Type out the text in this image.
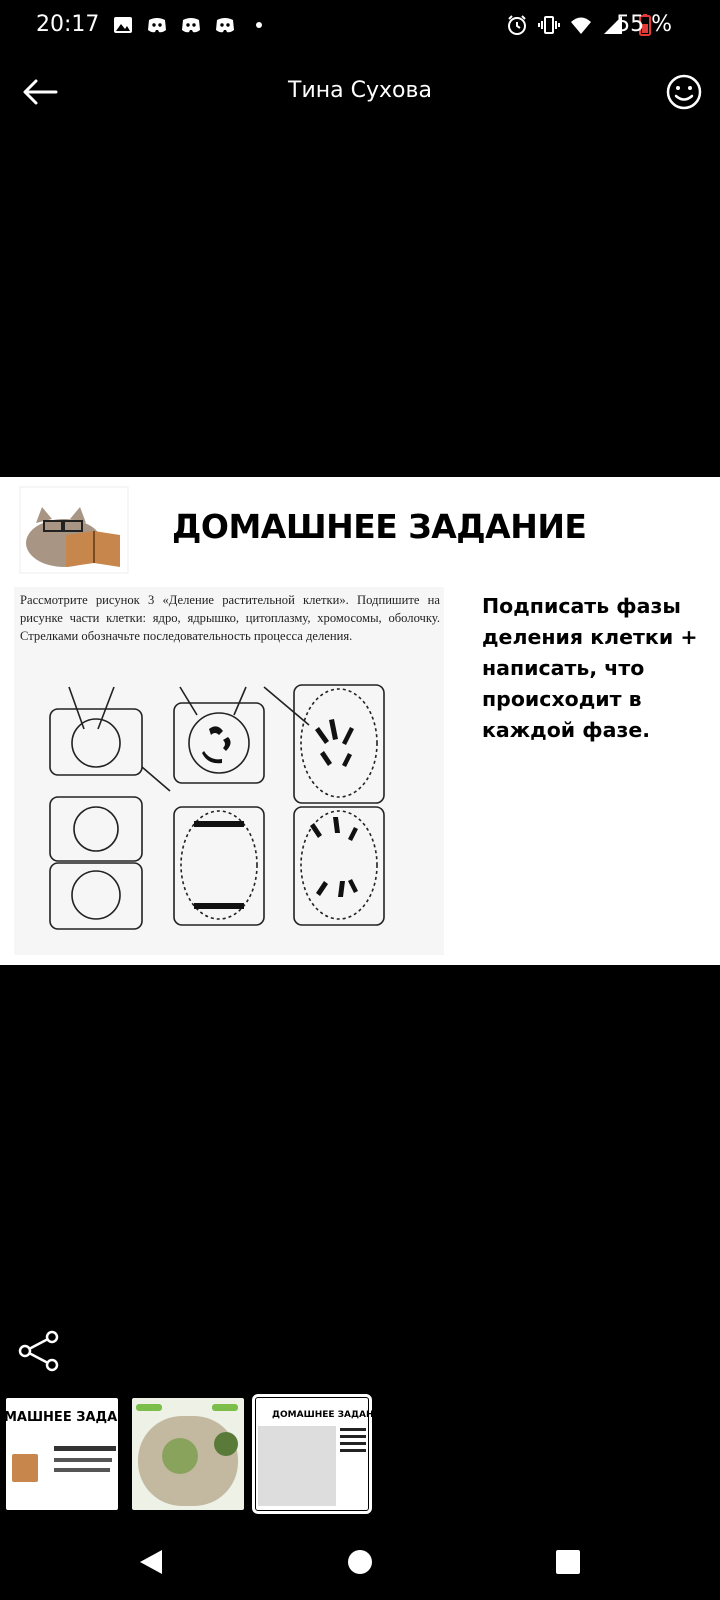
20:17	55 %
Тина Сухова
ДОМАШНЕЕ ЗАДАНИЕ
Рассмотрите рисунок 3 «Деление растительной клетки». Подпишите на рисунке части клетки: ядро, ядрышко, цитоплазму, хромосомы, оболочку. Стрелками обозначьте последовательность процесса деления.
Подписать фазы деления клетки + написать, что происходит в каждой фазе.
МАШНЕЕ ЗАДАН	ДОМАШНЕЕ ЗАДАНИЕ
